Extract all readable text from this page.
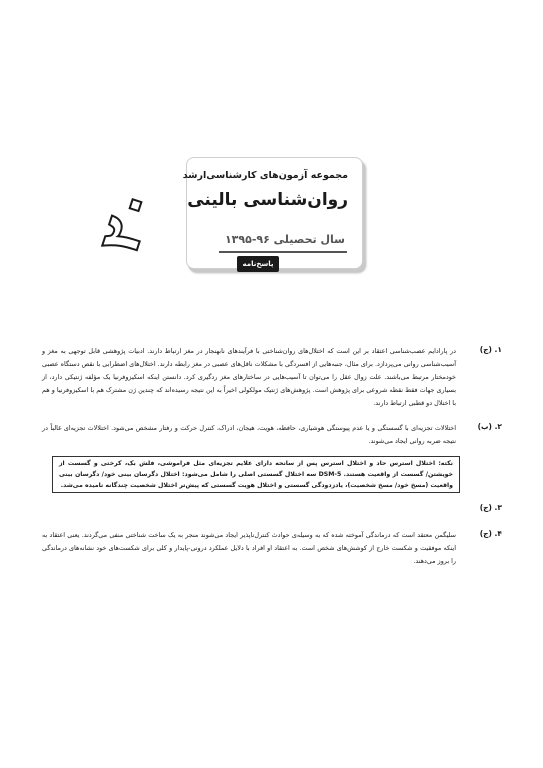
مجموعه آزمون‌های کارشناسی‌ارشد
روان‌شناسی بالینی
سال تحصیلی ۹۶-۱۳۹۵
۲۰
پاسخ‌نامه
۱. (ج)
در پارادایم عصب‌شناسی اعتقاد بر این است که اختلال‌های روان‌شناختی با فرآیندهای نابهنجار در مغز ارتباط دارند. ادبیات پژوهشی قابل توجهی به مغز و آسیب‌شناسی روانی می‌پردازد. برای مثال، جنبه‌هایی از افسردگی با مشکلات ناقل‌های عصبی در مغز رابطه دارند. اختلال‌های اضطرابی با نقص دستگاه عصبی خودمختار مرتبط می‌باشند. علت زوال عقل را می‌توان تا آسیب‌هایی در ساختارهای مغز ردگیری کرد. دانستن اینکه اسکیزوفرنیا یک مؤلفه ژنتیکی دارد، از بسیاری جهات فقط نقطه شروعی برای پژوهش است. پژوهش‌های ژنتیک مولکولی اخیراً به این نتیجه رسیده‌اند که چندین ژن مشترک هم با اسکیزوفرنیا و هم با اختلال دو قطبی ارتباط دارند.
۲. (ب)
اختلالات تجزیه‌ای با گسستگی و یا عدم پیوستگی هوشیاری، حافظه، هویت، هیجان، ادراک، کنترل حرکت و رفتار مشخص می‌شود. اختلالات تجزیه‌ای غالباً در نتیجه ضربه روانی ایجاد می‌شوند.
نکته: اختلال استرس حاد و اختلال استرس پس از سانحه دارای علایم تجزیه‌ای مثل فراموشی، فلش بک، کرختی و گسست از خویشتن/ گسست از واقعیت هستند. DSM-5 سه اختلال گسستی اصلی را شامل می‌شود: اختلال دگرسان بینی خود/ دگرسان بینی واقعیت (مسخ خود/ مسخ شخصیت)، یادزدودگی گسستی و اختلال هویت گسستی که پیش‌تر اختلال شخصیت چندگانه نامیده می‌شد.
۳. (ج)
۴. (ج)
سلیگمن معتقد است که درماندگی آموخته شده که به وسیله‌ی حوادث کنترل‌ناپذیر ایجاد می‌شوند منجر به یک ساخت شناختی منفی می‌گردند. یعنی اعتقاد به اینکه موفقیت و شکست خارج از کوشش‌های شخص است. به اعتقاد او افراد با دلایل عملکرد درونی-پایدار و کلی برای شکست‌های خود نشانه‌های درماندگی را بروز می‌دهند.
